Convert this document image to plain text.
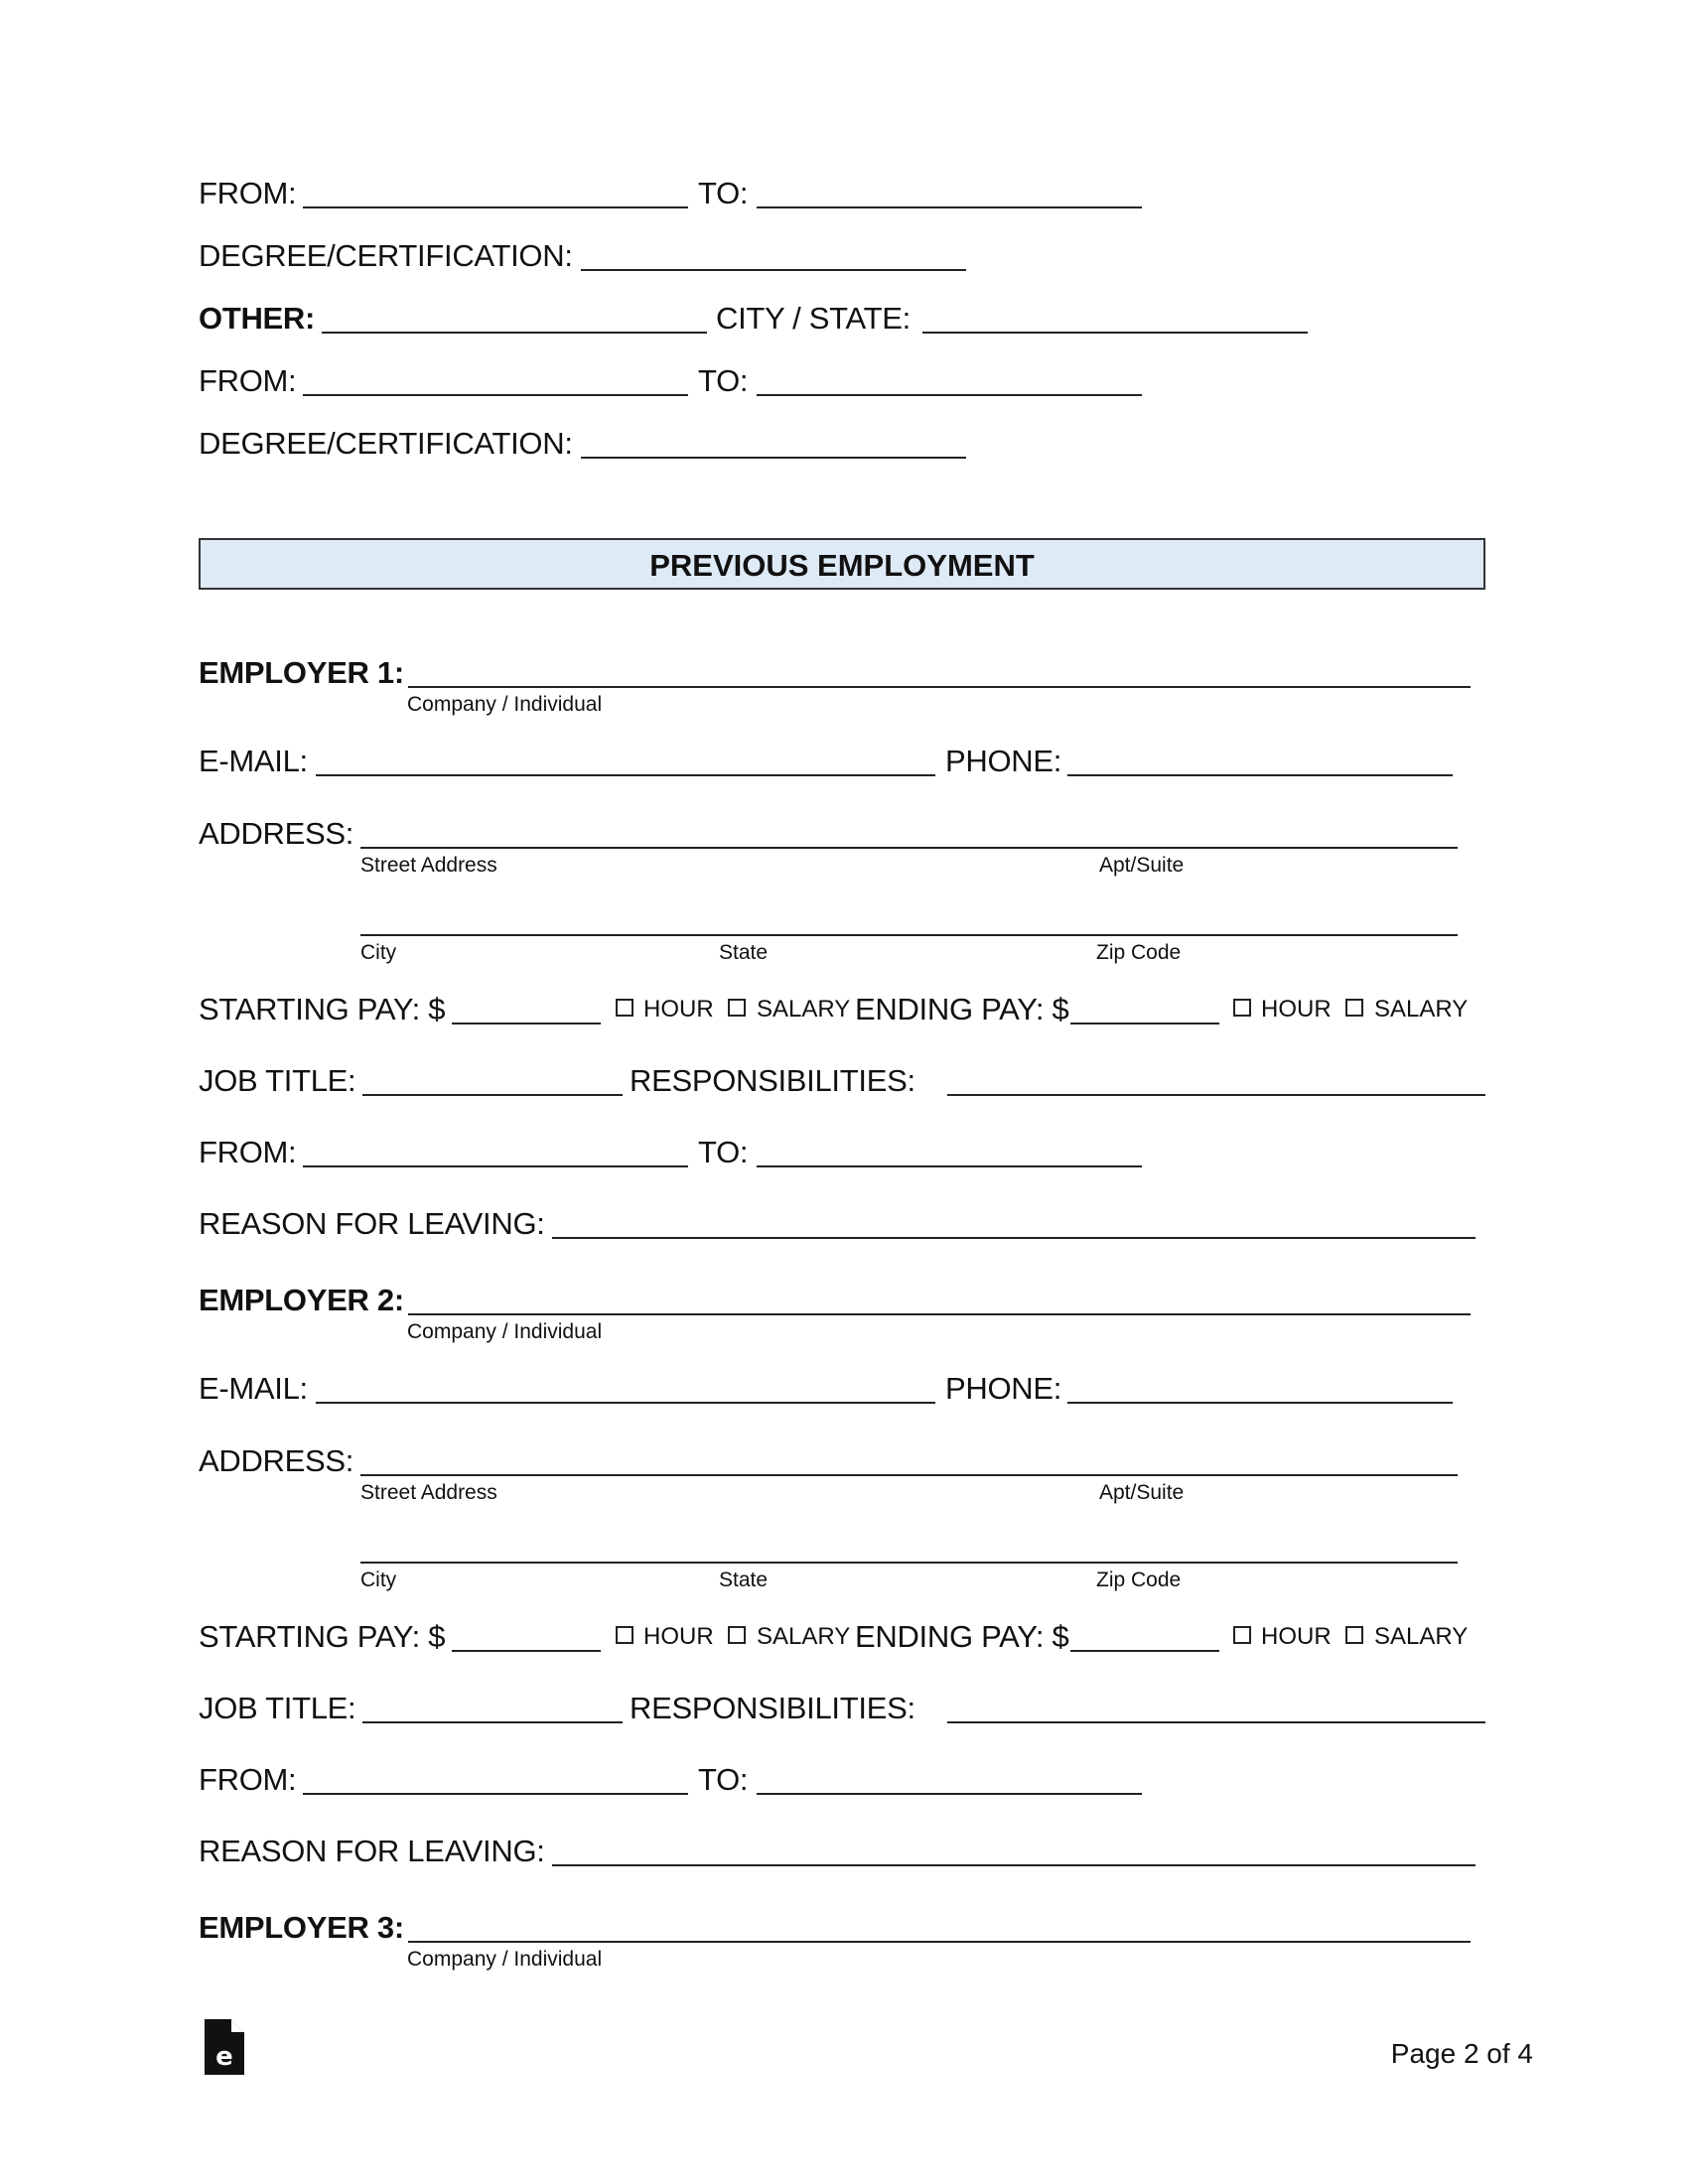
FROM:	TO:
DEGREE/CERTIFICATION:
OTHER:	CITY / STATE:
FROM:	TO:
DEGREE/CERTIFICATION:
PREVIOUS EMPLOYMENT
EMPLOYER 1:
Company / Individual
E-MAIL:	PHONE:
ADDRESS:
Street Address	Apt/Suite
City	State	Zip Code
STARTING PAY: $	HOUR SALARY ENDING PAY: $	HOUR SALARY
JOB TITLE:	RESPONSIBILITIES:
FROM:	TO:
REASON FOR LEAVING:
EMPLOYER 2:
Company / Individual
E-MAIL:	PHONE:
ADDRESS:
Street Address	Apt/Suite
City	State	Zip Code
STARTING PAY: $	HOUR SALARY ENDING PAY: $	HOUR SALARY
JOB TITLE:	RESPONSIBILITIES:
FROM:	TO:
REASON FOR LEAVING:
EMPLOYER 3:
Company / Individual
e	Page 2 of 4
